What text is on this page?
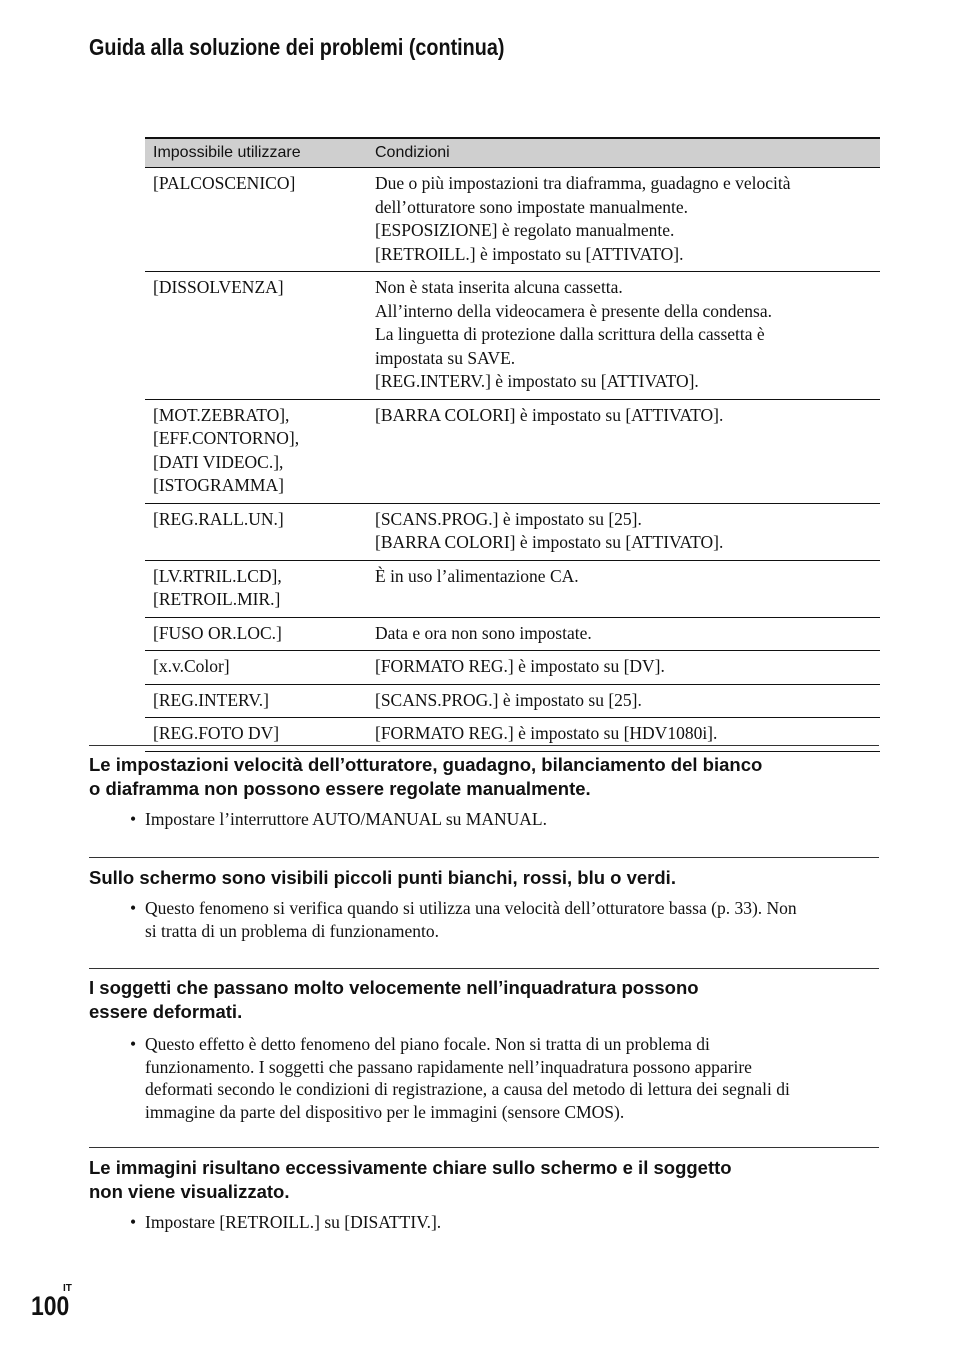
Guida alla soluzione dei problemi (continua)
Impossibile utilizzare	Condizioni

[PALCOSCENICO]	Due o più impostazioni tra diaframma, guadagno e velocità
dell’otturatore sono impostate manualmente.
[ESPOSIZIONE] è regolato manualmente.
[RETROILL.] è impostato su [ATTIVATO].

[DISSOLVENZA]	Non è stata inserita alcuna cassetta.
All’interno della videocamera è presente della condensa.
La linguetta di protezione dalla scrittura della cassetta è
impostata su SAVE.
[REG.INTERV.] è impostato su [ATTIVATO].

[MOT.ZEBRATO],
[EFF.CONTORNO],
[DATI VIDEOC.],
[ISTOGRAMMA]	[BARRA COLORI] è impostato su [ATTIVATO].

[REG.RALL.UN.]	[SCANS.PROG.] è impostato su [25].
[BARRA COLORI] è impostato su [ATTIVATO].

[LV.RTRIL.LCD],
[RETROIL.MIR.]	È in uso l’alimentazione CA.

[FUSO OR.LOC.]	Data e ora non sono impostate.

[x.v.Color]	[FORMATO REG.] è impostato su [DV].

[REG.INTERV.]	[SCANS.PROG.] è impostato su [25].

[REG.FOTO DV]	[FORMATO REG.] è impostato su [HDV1080i].
Le impostazioni velocità dell’otturatore, guadagno, bilanciamento del bianco
o diaframma non possono essere regolate manualmente.
• Impostare l’interruttore AUTO/MANUAL su MANUAL.
Sullo schermo sono visibili piccoli punti bianchi, rossi, blu o verdi.
• Questo fenomeno si verifica quando si utilizza una velocità dell’otturatore bassa (p. 33). Non
si tratta di un problema di funzionamento.
I soggetti che passano molto velocemente nell’inquadratura possono
essere deformati.
• Questo effetto è detto fenomeno del piano focale. Non si tratta di un problema di
funzionamento. I soggetti che passano rapidamente nell’inquadratura possono apparire
deformati secondo le condizioni di registrazione, a causa del metodo di lettura dei segnali di
immagine da parte del dispositivo per le immagini (sensore CMOS).
Le immagini risultano eccessivamente chiare sullo schermo e il soggetto
non viene visualizzato.
• Impostare [RETROILL.] su [DISATTIV.].
IT
100
